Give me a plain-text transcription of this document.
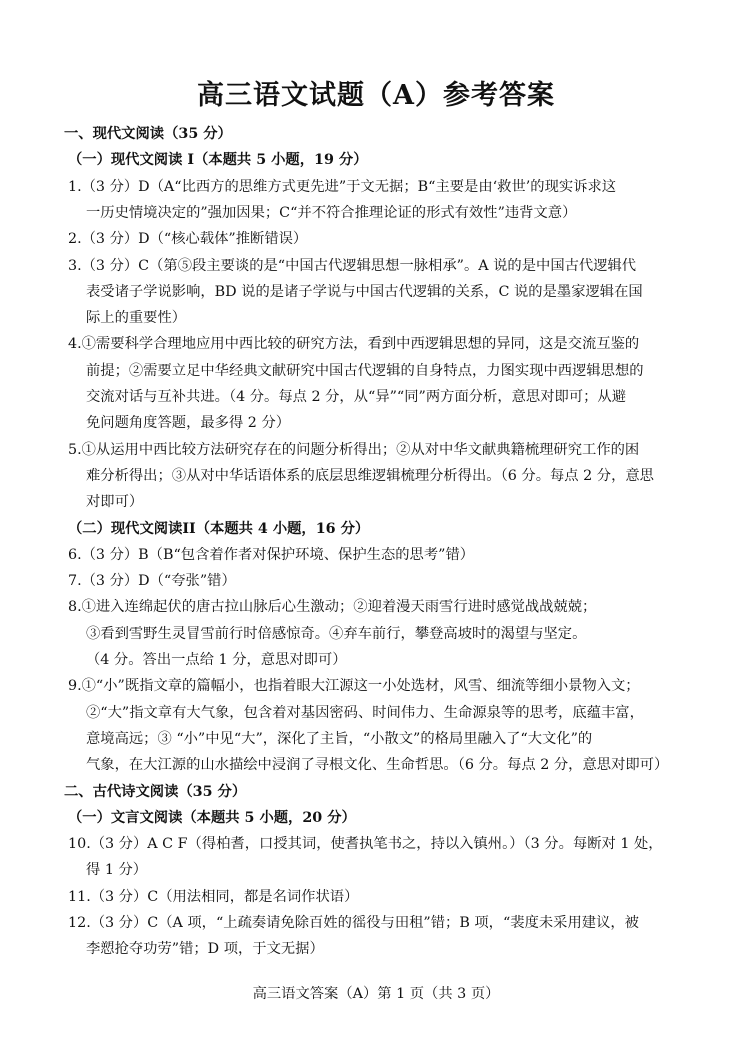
高三语文试题（A）参考答案
一、现代文阅读（35 分）
（一）现代文阅读 I（本题共 5 小题，19 分）
1.（3 分）D（A“比西方的思维方式更先进”于文无据；B“主要是由‘救世’的现实诉求这
一历史情境决定的”强加因果；C“并不符合推理论证的形式有效性”违背文意）
2.（3 分）D（“核心载体”推断错误）
3.（3 分）C（第⑤段主要谈的是“中国古代逻辑思想一脉相承”。A 说的是中国古代逻辑代
表受诸子学说影响，BD 说的是诸子学说与中国古代逻辑的关系，C 说的是墨家逻辑在国
际上的重要性）
4.①需要科学合理地应用中西比较的研究方法，看到中西逻辑思想的异同，这是交流互鉴的
前提；②需要立足中华经典文献研究中国古代逻辑的自身特点，力图实现中西逻辑思想的
交流对话与互补共进。（4 分。每点 2 分，从“异”“同”两方面分析，意思对即可；从避
免问题角度答题，最多得 2 分）
5.①从运用中西比较方法研究存在的问题分析得出；②从对中华文献典籍梳理研究工作的困
难分析得出；③从对中华话语体系的底层思维逻辑梳理分析得出。（6 分。每点 2 分，意思
对即可）
（二）现代文阅读II（本题共 4 小题，16 分）
6.（3 分）B（B“包含着作者对保护环境、保护生态的思考”错）
7.（3 分）D（“夸张”错）
8.①进入连绵起伏的唐古拉山脉后心生激动；②迎着漫天雨雪行进时感觉战战兢兢；
③看到雪野生灵冒雪前行时倍感惊奇。④弃车前行，攀登高坡时的渴望与坚定。
（4 分。答出一点给 1 分，意思对即可）
9.①“小”既指文章的篇幅小，也指着眼大江源这一小处选材，风雪、细流等细小景物入文；
②“大”指文章有大气象，包含着对基因密码、时间伟力、生命源泉等的思考，底蕴丰富，
意境高远；③ “小”中见“大”，深化了主旨，“小散文”的格局里融入了“大文化”的
气象，在大江源的山水描绘中浸润了寻根文化、生命哲思。（6 分。每点 2 分，意思对即可）
二、古代诗文阅读（35 分）
（一）文言文阅读（本题共 5 小题，20 分）
10.（3 分）A C F（得柏耆，口授其词，使耆执笔书之，持以入镇州。）（3 分。每断对 1 处，
得 1 分）
11.（3 分）C（用法相同，都是名词作状语）
12.（3 分）C（A 项，“上疏奏请免除百姓的徭役与田租”错；B 项，“裴度未采用建议，被
李愬抢夺功劳”错；D 项，于文无据）
高三语文答案（A）第 1 页（共 3 页）
